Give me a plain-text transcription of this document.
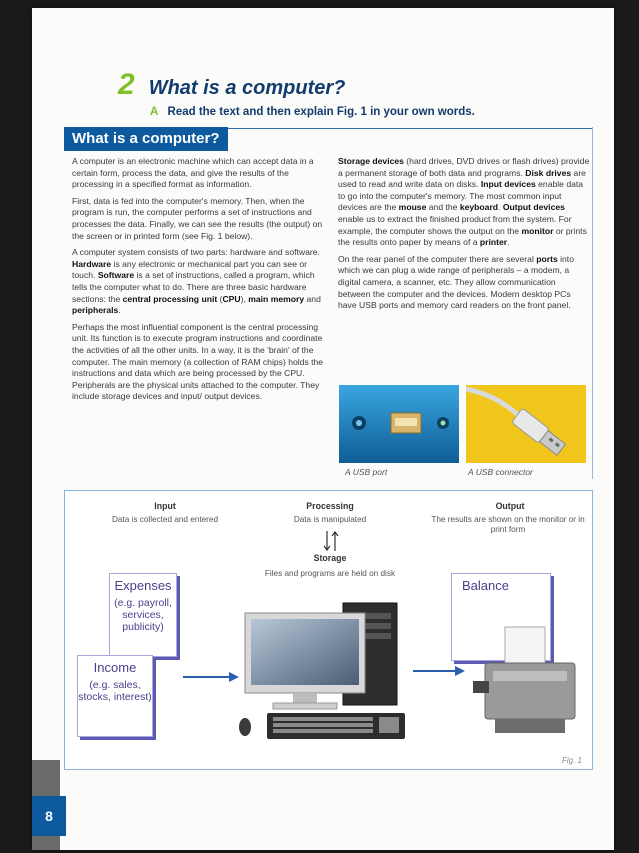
8
2 What is a computer?
A Read the text and then explain Fig. 1 in your own words.
What is a computer?

A computer is an electronic machine which can accept data in a certain form, process the data, and give the results of the processing in a specified format as information.

First, data is fed into the computer's memory. Then, when the program is run, the computer performs a set of instructions and processes the data. Finally, we can see the results (the output) on the screen or in printed form (see Fig. 1 below).

A computer system consists of two parts: hardware and software. Hardware is any electronic or mechanical part you can see or touch. Software is a set of instructions, called a program, which tells the computer what to do. There are three basic hardware sections: the central processing unit (CPU), main memory and peripherals.

Perhaps the most influential component is the central processing unit. Its function is to execute program instructions and coordinate the activities of all the other units. In a way, it is the 'brain' of the computer. The main memory (a collection of RAM chips) holds the instructions and data which are being processed by the CPU. Peripherals are the physical units attached to the computer. They include storage devices and input/ output devices.

Storage devices (hard drives, DVD drives or flash drives) provide a permanent storage of both data and programs. Disk drives are used to read and write data on disks. Input devices enable data to go into the computer's memory. The most common input devices are the mouse and the keyboard. Output devices enable us to extract the finished product from the system. For example, the computer shows the output on the monitor or prints the results onto paper by means of a printer.

On the rear panel of the computer there are several ports into which we can plug a wide range of peripherals – a modem, a digital camera, a scanner, etc. They allow communication between the computer and the devices. Modern desktop PCs have USB ports and memory card readers on the front panel.

A USB port	A USB connector
Input
Data is collected and entered
Processing
Data is manipulated
Storage
Files and programs are held on disk
Output
The results are shown on the monitor or in print form
Expenses
(e.g. payroll, services, publicity)
Income
(e.g. sales, stocks, interest)
Balance
Fig. 1
